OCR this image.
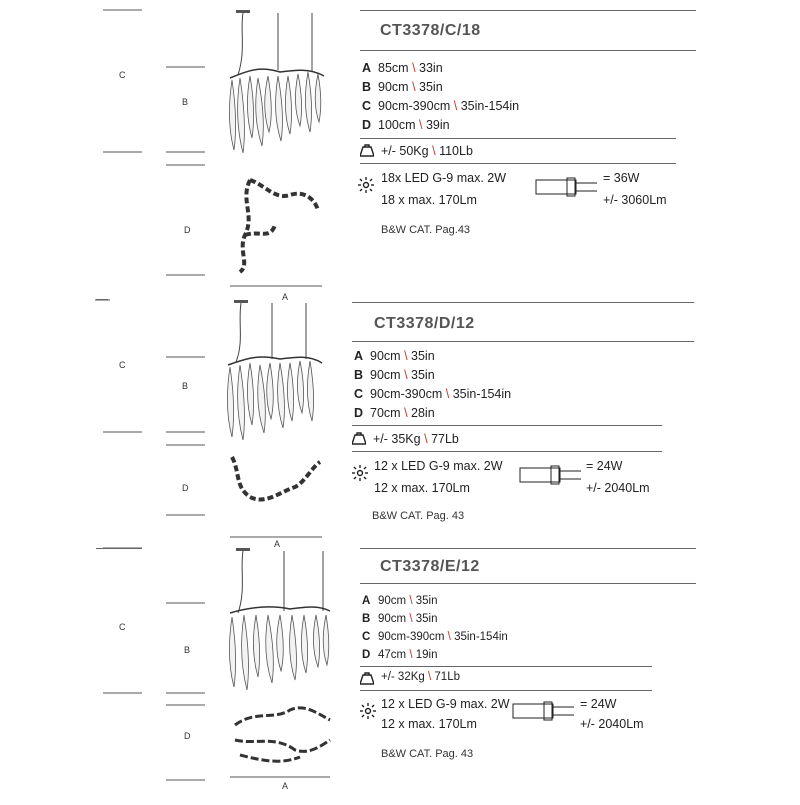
C
B
D
A
CT3378/C/18
A 85cm \ 33in
B 90cm \ 35in
C 90cm-390cm \ 35in-154in
D 100cm \ 39in
+/- 50Kg \ 110Lb
18x LED G-9 max. 2W
18 x max. 170Lm
= 36W
+/- 3060Lm
B&W CAT. Pag.43
C
B
D
A
CT3378/D/12
A 90cm \ 35in
B 90cm \ 35in
C 90cm-390cm \ 35in-154in
D 70cm \ 28in
+/- 35Kg \ 77Lb
12 x LED G-9 max. 2W
12 x max. 170Lm
= 24W
+/- 2040Lm
B&W CAT. Pag. 43
C
B
D
A
CT3378/E/12
A 90cm \ 35in
B 90cm \ 35in
C 90cm-390cm \ 35in-154in
D 47cm \ 19in
+/- 32Kg \ 71Lb
12 x LED G-9 max. 2W
12 x max. 170Lm
= 24W
+/- 2040Lm
B&W CAT. Pag. 43
